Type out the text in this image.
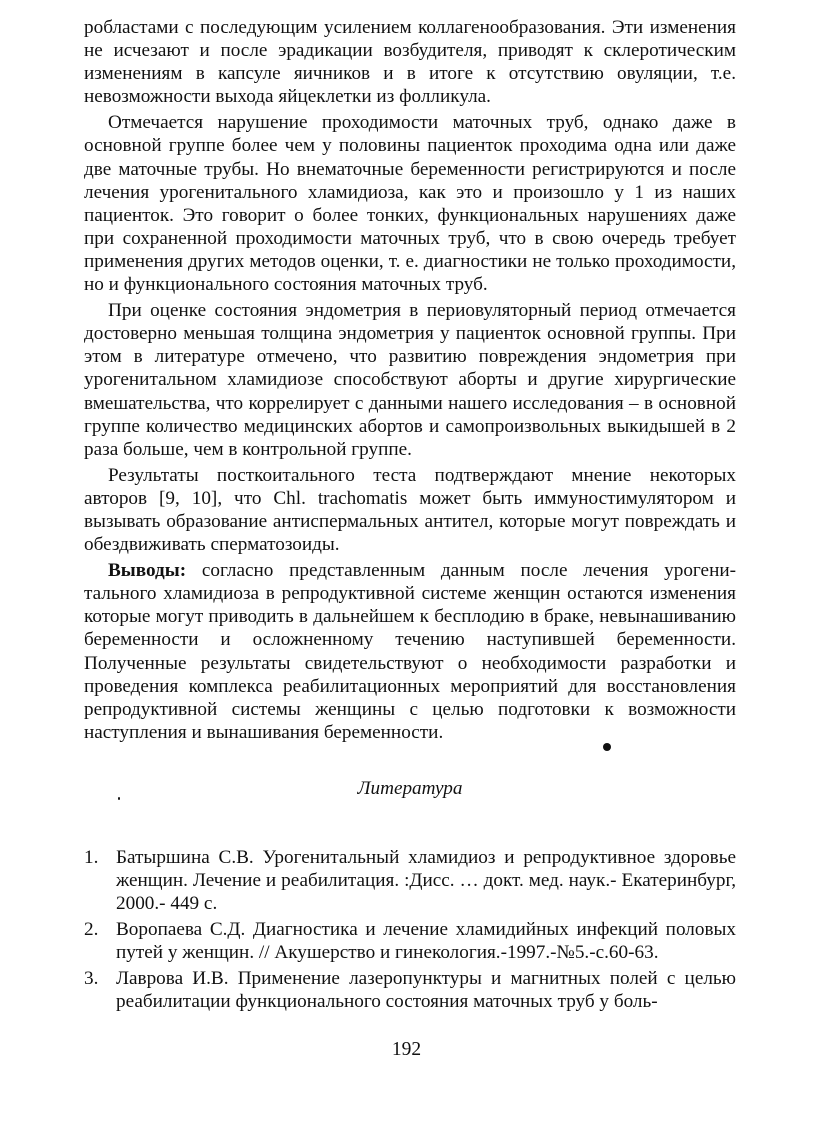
робластами с последующим усилением коллагенообразования. Эти изменения не исчезают и после эрадикации возбудителя, приводят к склеротическим изменениям в капсуле яичников и в итоге к отсутствию овуляции, т.е. невозможности выхода яйцеклетки из фолликула.

Отмечается нарушение проходимости маточных труб, однако даже в основной группе более чем у половины пациенток проходима одна или даже две маточные трубы. Но внематочные беременности регистрируются и после лечения урогенитального хламидиоза, как это и произошло у 1 из наших пациенток. Это говорит о более тонких, функциональных нарушениях даже при сохраненной проходимости маточных труб, что в свою очередь требует применения других методов оценки, т. е. диагностики не только проходимости, но и функционального состояния маточных труб.

При оценке состояния эндометрия в периовуляторный период отмечается достоверно меньшая толщина эндометрия у пациенток основной группы. При этом в литературе отмечено, что развитию повреждения эндометрия при урогенитальном хламидиозе способствуют аборты и другие хирургические вмешательства, что коррелирует с данными нашего исследования – в основной группе количество медицинских абортов и самопроизвольных выкидышей в 2 раза больше, чем в контрольной группе.

Результаты посткоитального теста подтверждают мнение некоторых авторов [9, 10], что Chl. trachomatis может быть иммуностимулятором и вызывать образование антиспермальных антител, которые могут повреждать и обездвиживать сперматозоиды.

Выводы: согласно представленным данным после лечения урогенитального хламидиоза в репродуктивной системе женщин остаются изменения которые могут приводить в дальнейшем к бесплодию в браке, невынашиванию беременности и осложненному течению наступившей беременности. Полученные результаты свидетельствуют о необходимости разработки и проведения комплекса реабилитационных мероприятий для восстановления репродуктивной системы женщины с целью подготовки к возможности наступления и вынашивания беременности.

Литература
1. Батыршина С.В. Урогенитальный хламидиоз и репродуктивное здоровье женщин. Лечение и реабилитация. :Дисс. … докт. мед. наук.- Екатеринбург, 2000.- 449 с.
2. Воропаева С.Д. Диагностика и лечение хламидийных инфекций половых путей у женщин. // Акушерство и гинекология.-1997.-№5.-с.60-63.
3. Лаврова И.В. Применение лазеропунктуры и магнитных полей с целью реабилитации функционального состояния маточных труб у боль-
192
